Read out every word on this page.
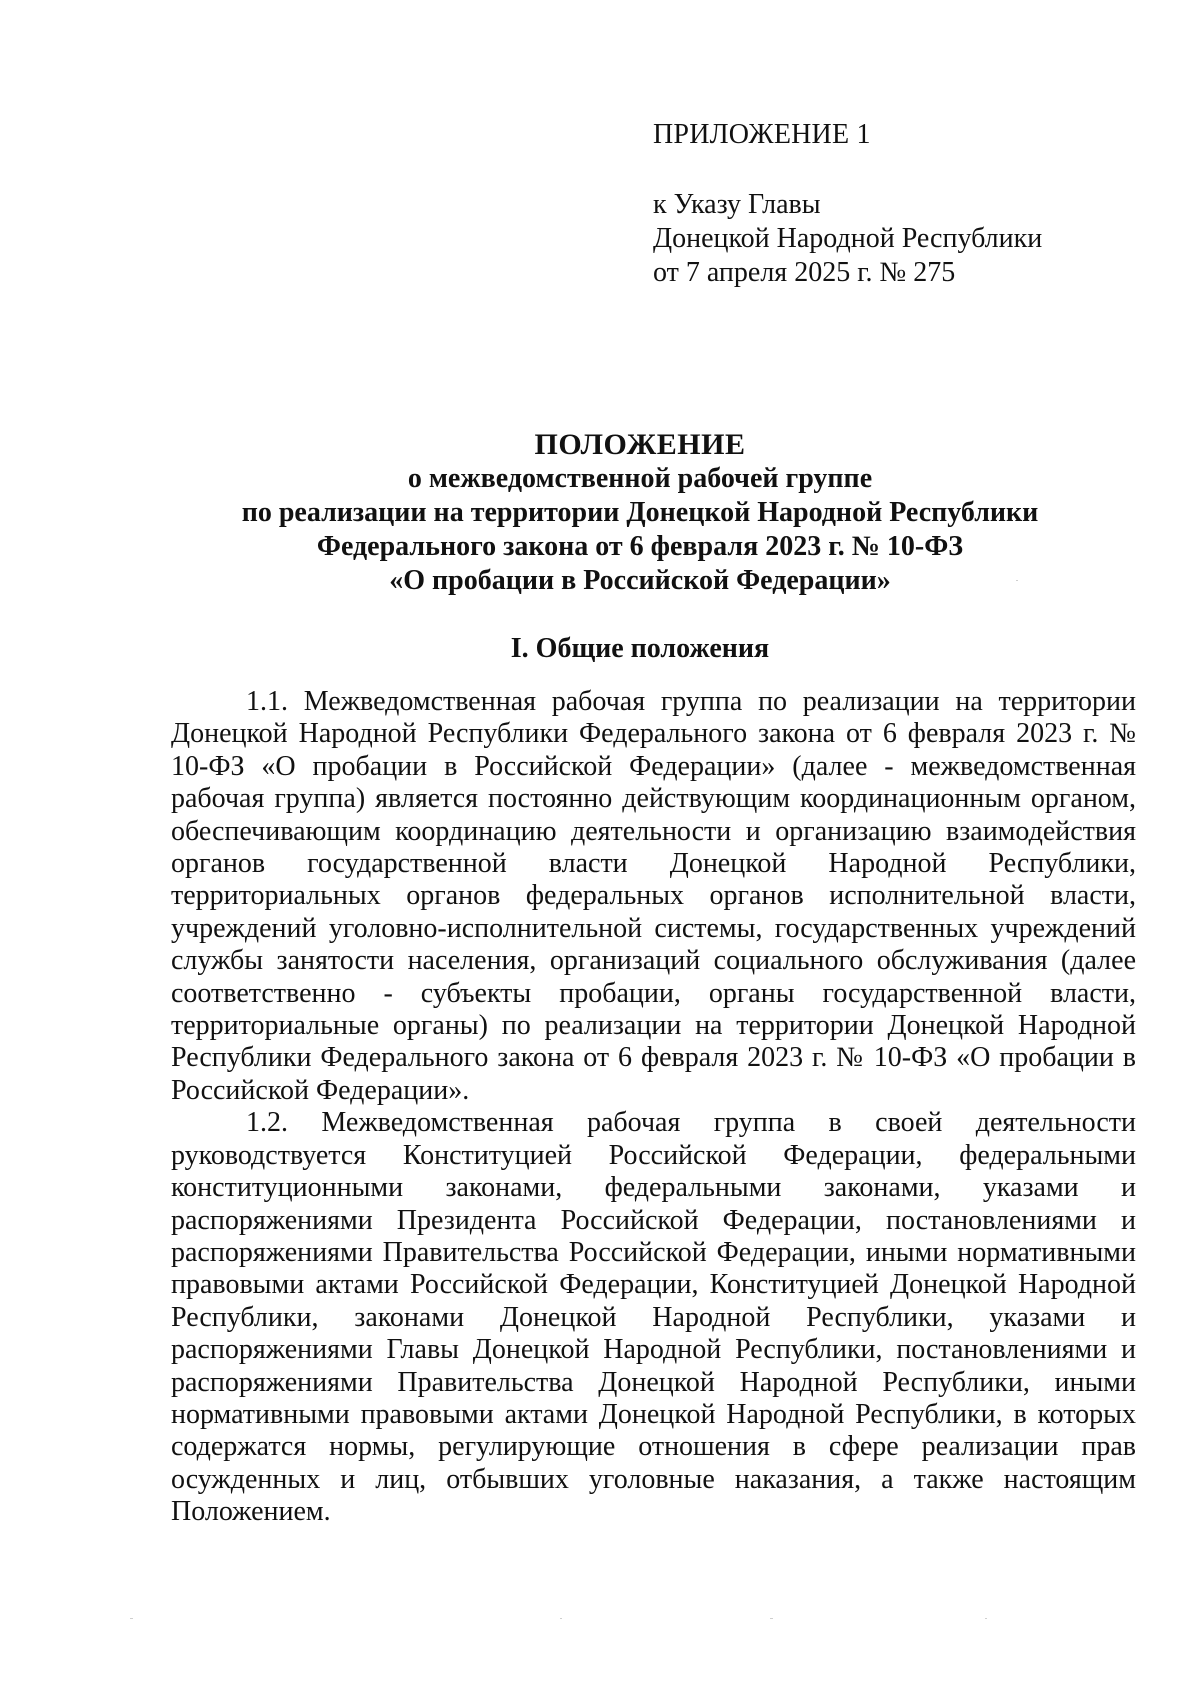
ПРИЛОЖЕНИЕ 1
к Указу Главы
Донецкой Народной Республики
от 7 апреля 2025 г. № 275
ПОЛОЖЕНИЕ
о межведомственной рабочей группе
по реализации на территории Донецкой Народной Республики
Федерального закона от 6 февраля 2023 г. № 10-ФЗ
«О пробации в Российской Федерации»
I. Общие положения

1.1. Межведомственная рабочая группа по реализации на территории Донецкой Народной Республики Федерального закона от 6 февраля 2023 г. № 10-ФЗ «О пробации в Российской Федерации» (далее - межведомственная рабочая группа) является постоянно действующим координационным органом, обеспечивающим координацию деятельности и организацию взаимодействия органов государственной власти Донецкой Народной Республики, территориальных органов федеральных органов исполнительной власти, учреждений уголовно-исполнительной системы, государственных учреждений службы занятости населения, организаций социального обслуживания (далее соответственно - субъекты пробации, органы государственной власти, территориальные органы) по реализации на территории Донецкой Народной Республики Федерального закона от 6 февраля 2023 г. № 10-ФЗ «О пробации в Российской Федерации».

1.2. Межведомственная рабочая группа в своей деятельности руководствуется Конституцией Российской Федерации, федеральными конституционными законами, федеральными законами, указами и распоряжениями Президента Российской Федерации, постановлениями и распоряжениями Правительства Российской Федерации, иными нормативными правовыми актами Российской Федерации, Конституцией Донецкой Народной Республики, законами Донецкой Народной Республики, указами и распоряжениями Главы Донецкой Народной Республики, постановлениями и распоряжениями Правительства Донецкой Народной Республики, иными нормативными правовыми актами Донецкой Народной Республики, в которых содержатся нормы, регулирующие отношения в сфере реализации прав осужденных и лиц, отбывших уголовные наказания, а также настоящим Положением.
